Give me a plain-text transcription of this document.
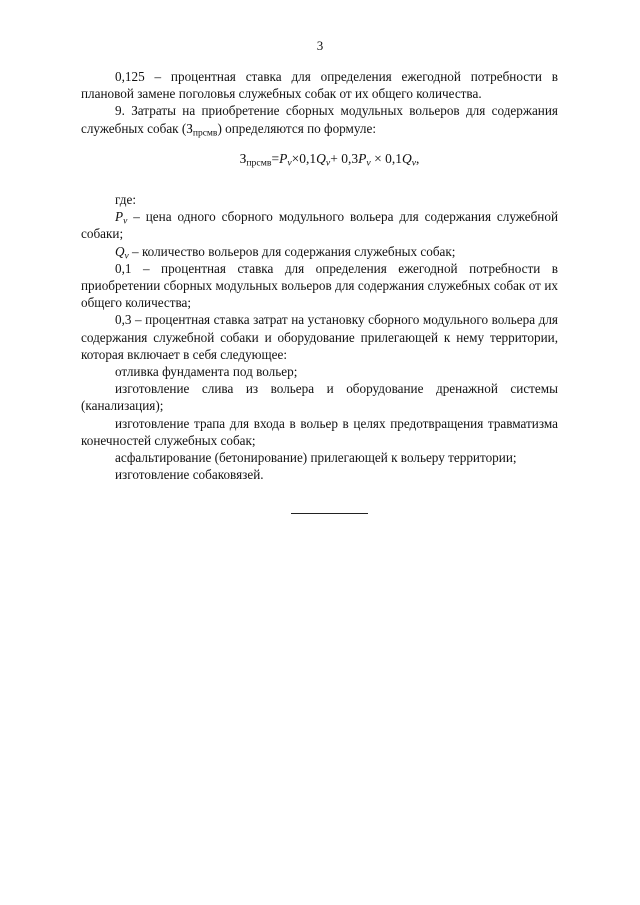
3

0,125 – процентная ставка для определения ежегодной потребности в плановой замене поголовья служебных собак от их общего количества.

9. Затраты на приобретение сборных модульных вольеров для содержания служебных собак $(З_{прсмв})$ определяются по формуле:

$З_{прсмв}=P_v\times 0,1Q_v+ 0,3P_v \times 0,1Q_v$,

где:

$P_v$ – цена одного сборного модульного вольера для содержания служебной собаки;

$Q_v$ – количество вольеров для содержания служебных собак;

0,1 – процентная ставка для определения ежегодной потребности в приобретении сборных модульных вольеров для содержания служебных собак от их общего количества;

0,3 – процентная ставка затрат на установку сборного модульного вольера для содержания служебной собаки и оборудование прилегающей к нему территории, которая включает в себя следующее:

отливка фундамента под вольер;

изготовление слива из вольера и оборудование дренажной системы (канализация);

изготовление трапа для входа в вольер в целях предотвращения травматизма конечностей служебных собак;

асфальтирование (бетонирование) прилегающей к вольеру территории;

изготовление собаковязей.
